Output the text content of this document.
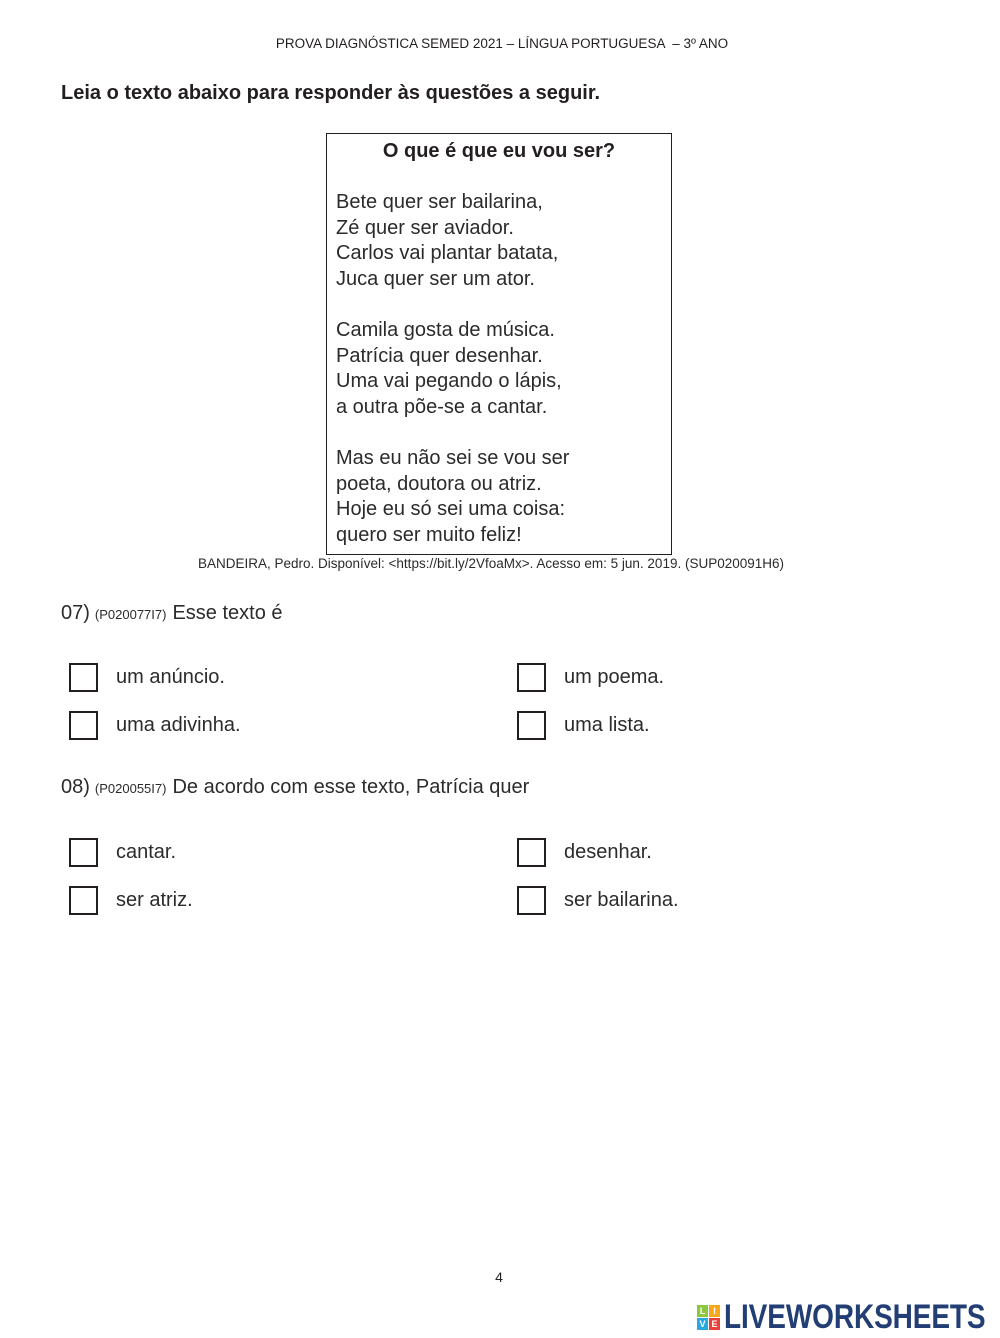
PROVA DIAGNÓSTICA SEMED 2021 – LÍNGUA PORTUGUESA  – 3º ANO
Leia o texto abaixo para responder às questões a seguir.
O que é que eu vou ser?
Bete quer ser bailarina,
Zé quer ser aviador.
Carlos vai plantar batata,
Juca quer ser um ator.
Camila gosta de música.
Patrícia quer desenhar.
Uma vai pegando o lápis,
a outra põe-se a cantar.
Mas eu não sei se vou ser
poeta, doutora ou atriz.
Hoje eu só sei uma coisa:
quero ser muito feliz!
BANDEIRA, Pedro. Disponível: <https://bit.ly/2VfoaMx>. Acesso em: 5 jun. 2019. (SUP020091H6)
07) (P020077I7) Esse texto é
um anúncio.	um poema.
uma adivinha.	uma lista.
08) (P020055I7) De acordo com esse texto, Patrícia quer
cantar.	desenhar.
ser atriz.	ser bailarina.
4
L I
V E LIVEWORKSHEETS
